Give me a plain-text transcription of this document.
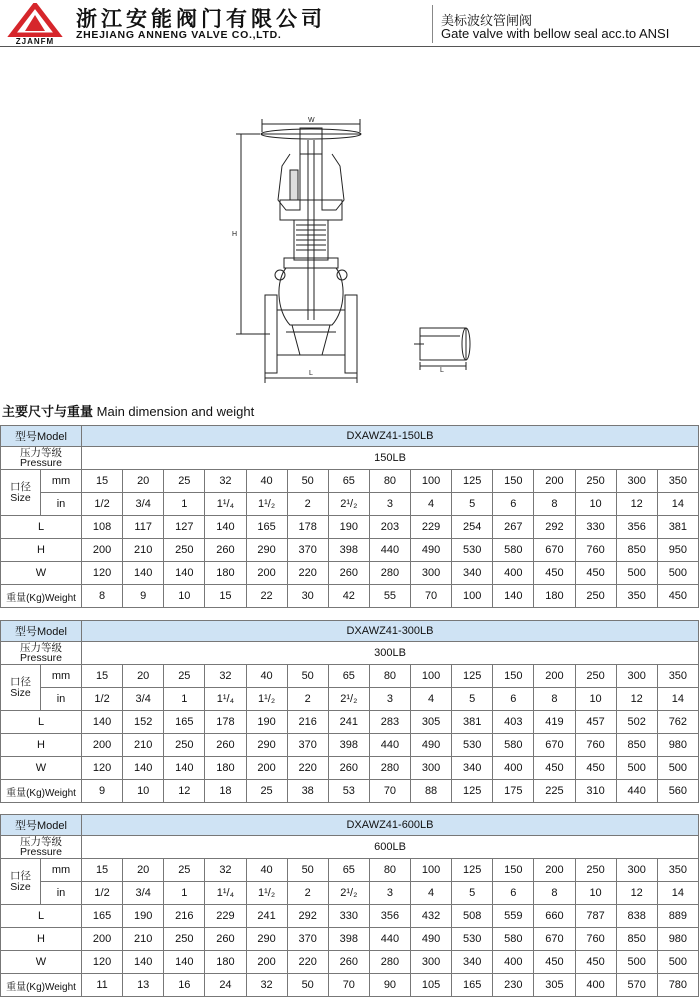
ZJANFM
浙江安能阀门有限公司
ZHEJIANG ANNENG VALVE CO.,LTD.
美标波纹管闸阀
Gate valve with bellow seal acc.to ANSI
W
H
L	L
主要尺寸与重量 Main dimension and weight
型号Model		DXAWZ41-150LB														

压力等级
Pressure		150LB														

口径
Size	mm	15	20	25	32	40	50	65	80	100	125	150	200	250	300	350
	in	1/2	3/4	1	1¹/₄	1¹/₂	2	2¹/₂	3	4	5	6	8	10	12	14
L		108	117	127	140	165	178	190	203	229	254	267	292	330	356	381
H		200	210	250	260	290	370	398	440	490	530	580	670	760	850	950
W		120	140	140	180	200	220	260	280	300	340	400	450	450	500	500
重量(Kg)Weight		8	9	10	15	22	30	42	55	70	100	140	180	250	350	450
型号Model		DXAWZ41-300LB														

压力等级
Pressure		300LB														

口径
Size	mm	15	20	25	32	40	50	65	80	100	125	150	200	250	300	350
	in	1/2	3/4	1	1¹/₄	1¹/₂	2	2¹/₂	3	4	5	6	8	10	12	14
L		140	152	165	178	190	216	241	283	305	381	403	419	457	502	762
H		200	210	250	260	290	370	398	440	490	530	580	670	760	850	980
W		120	140	140	180	200	220	260	280	300	340	400	450	450	500	500
重量(Kg)Weight		9	10	12	18	25	38	53	70	88	125	175	225	310	440	560
型号Model		DXAWZ41-600LB														

压力等级
Pressure		600LB														

口径
Size	mm	15	20	25	32	40	50	65	80	100	125	150	200	250	300	350
	in	1/2	3/4	1	1¹/₄	1¹/₂	2	2¹/₂	3	4	5	6	8	10	12	14
L		165	190	216	229	241	292	330	356	432	508	559	660	787	838	889
H		200	210	250	260	290	370	398	440	490	530	580	670	760	850	980
W		120	140	140	180	200	220	260	280	300	340	400	450	450	500	500
重量(Kg)Weight		11	13	16	24	32	50	70	90	105	165	230	305	400	570	780
